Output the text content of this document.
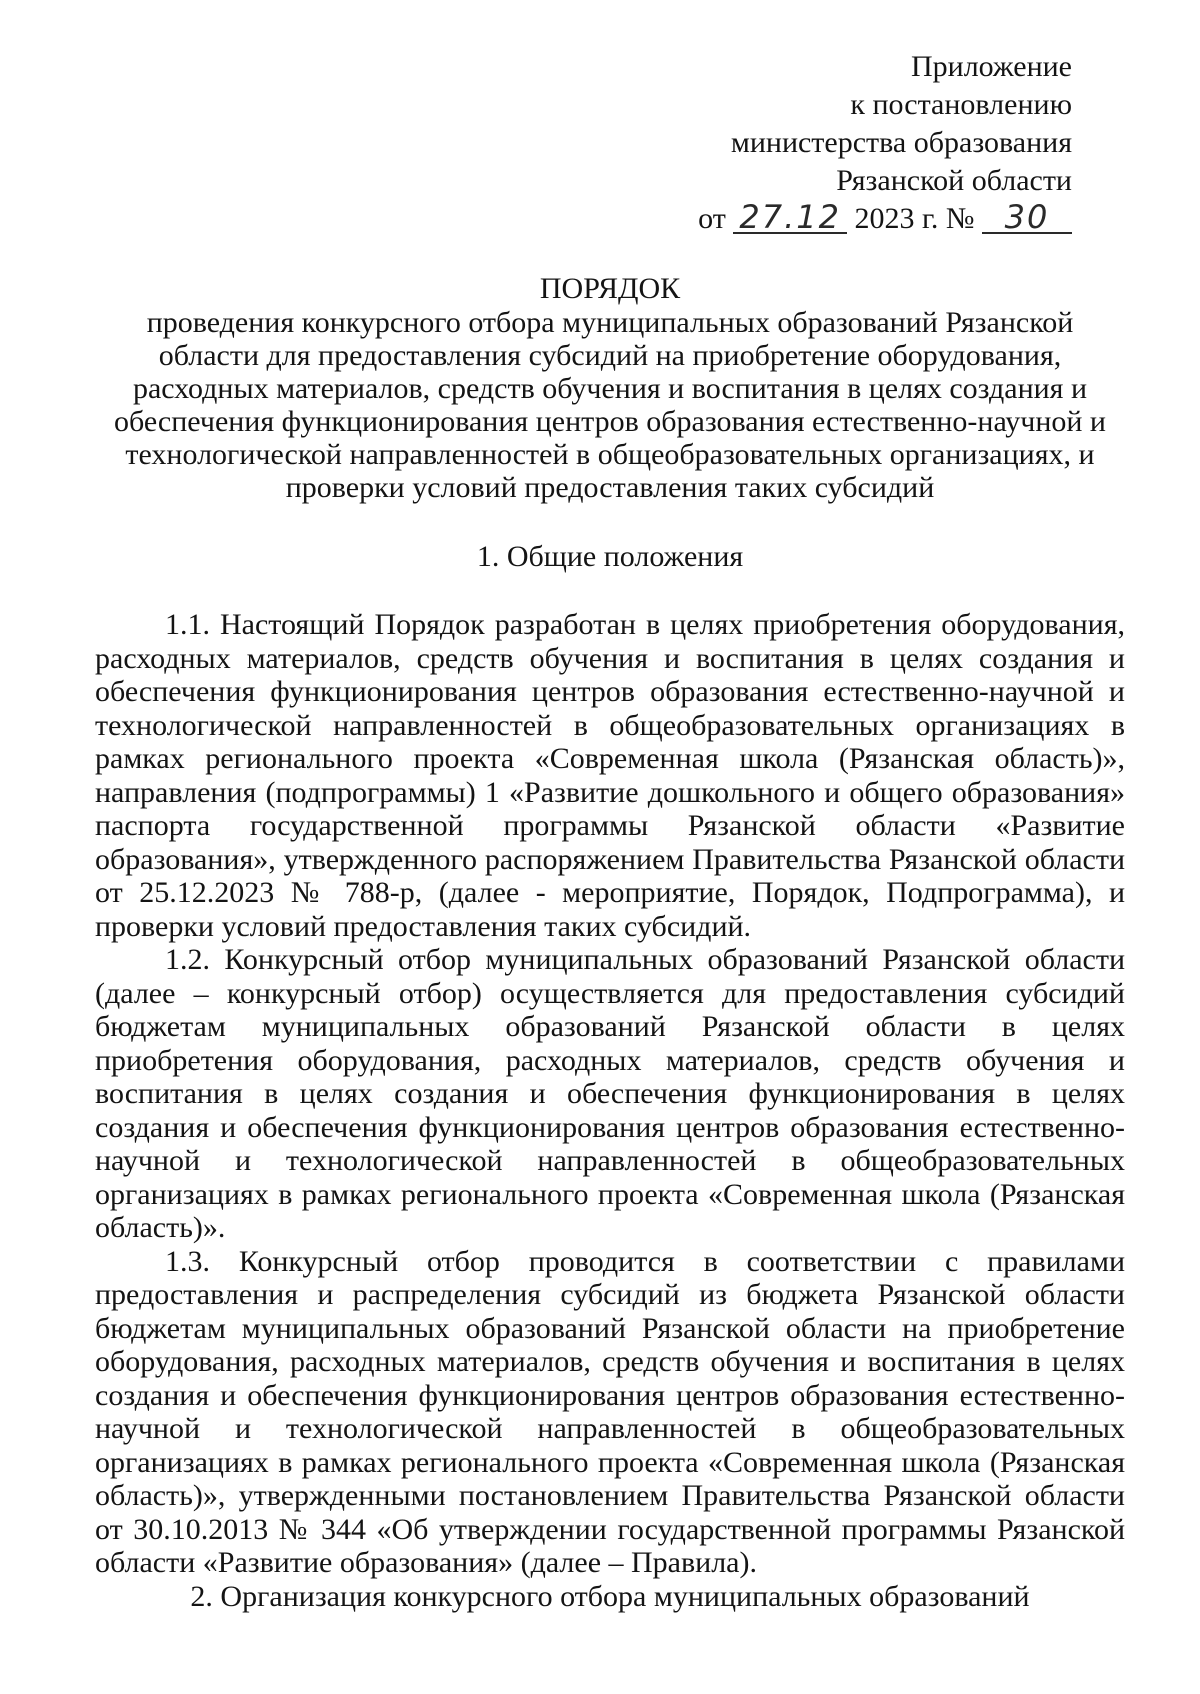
Приложение
к постановлению
министерства образования
Рязанской области
от 27.12 2023 г. № 30
ПОРЯДОК
проведения конкурсного отбора муниципальных образований Рязанской области для предоставления субсидий на приобретение оборудования, расходных материалов, средств обучения и воспитания в целях создания и обеспечения функционирования центров образования естественно-научной и технологической направленностей в общеобразовательных организациях, и проверки условий предоставления таких субсидий
1. Общие положения

1.1. Настоящий Порядок разработан в целях приобретения оборудования, расходных материалов, средств обучения и воспитания в целях создания и обеспечения функционирования центров образования естественно-научной и технологической направленностей в общеобразовательных организациях в рамках регионального проекта «Современная школа (Рязанская область)», направления (подпрограммы) 1 «Развитие дошкольного и общего образования» паспорта государственной программы Рязанской области «Развитие образования», утвержденного распоряжением Правительства Рязанской области от 25.12.2023 № 788-р, (далее - мероприятие, Порядок, Подпрограмма), и проверки условий предоставления таких субсидий.

1.2. Конкурсный отбор муниципальных образований Рязанской области (далее – конкурсный отбор) осуществляется для предоставления субсидий бюджетам муниципальных образований Рязанской области в целях приобретения оборудования, расходных материалов, средств обучения и воспитания в целях создания и обеспечения функционирования в целях создания и обеспечения функционирования центров образования естественно-научной и технологической направленностей в общеобразовательных организациях в рамках регионального проекта «Современная школа (Рязанская область)».

1.3. Конкурсный отбор проводится в соответствии с правилами предоставления и распределения субсидий из бюджета Рязанской области бюджетам муниципальных образований Рязанской области на приобретение оборудования, расходных материалов, средств обучения и воспитания в целях создания и обеспечения функционирования центров образования естественно-научной и технологической направленностей в общеобразовательных организациях в рамках регионального проекта «Современная школа (Рязанская область)», утвержденными постановлением Правительства Рязанской области от 30.10.2013 № 344 «Об утверждении государственной программы Рязанской области «Развитие образования» (далее – Правила).

2. Организация конкурсного отбора муниципальных образований
